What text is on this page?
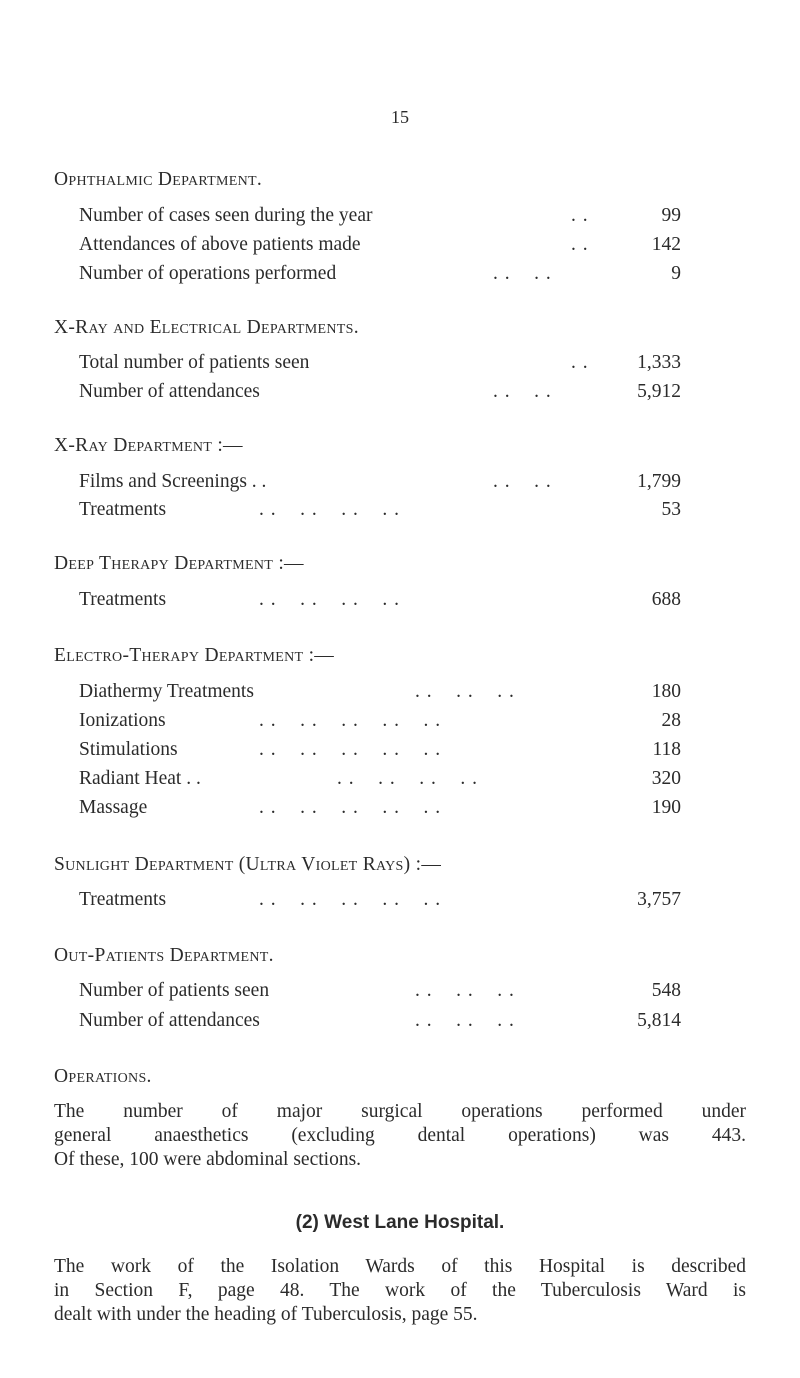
15
Ophthalmic Department.
Number of cases seen during the year	. .	99
Attendances of above patients made	. .	142
Number of operations performed	. .    . .	9
X-Ray and Electrical Departments.
Total number of patients seen	. . 1,333
Number of attendances	. .    . .	5,912
X-Ray Department :—
Films and Screenings . .	. .    . .	1,799
Treatments	. .    . .    . .    . .	53
Deep Therapy Department :—
Treatments	. .    . .    . .    . .	688
Electro-Therapy Department :—
Diathermy Treatments	. .    . .    . .	180
Ionizations	. .    . .    . .    . .    . .	28
Stimulations	. .    . .    . .    . .    . .	118
Radiant Heat . .	. .    . .    . .    . .	320
Massage	. .    . .    . .    . .    . .	190
Sunlight Department (Ultra Violet Rays) :—
Treatments	. .    . .    . .    . .    . .	3,757
Out-Patients Department.
Number of patients seen	. .    . .    . .	548
Number of attendances	. .    . .    . .	5,814
Operations.
The number of major surgical operations performed under
general anaesthetics (excluding dental operations) was 443.
Of these, 100 were abdominal sections.
(2) West Lane Hospital.
The work of the Isolation Wards of this Hospital is described
in Section F, page 48. The work of the Tuberculosis Ward is
dealt with under the heading of Tuberculosis, page 55.
